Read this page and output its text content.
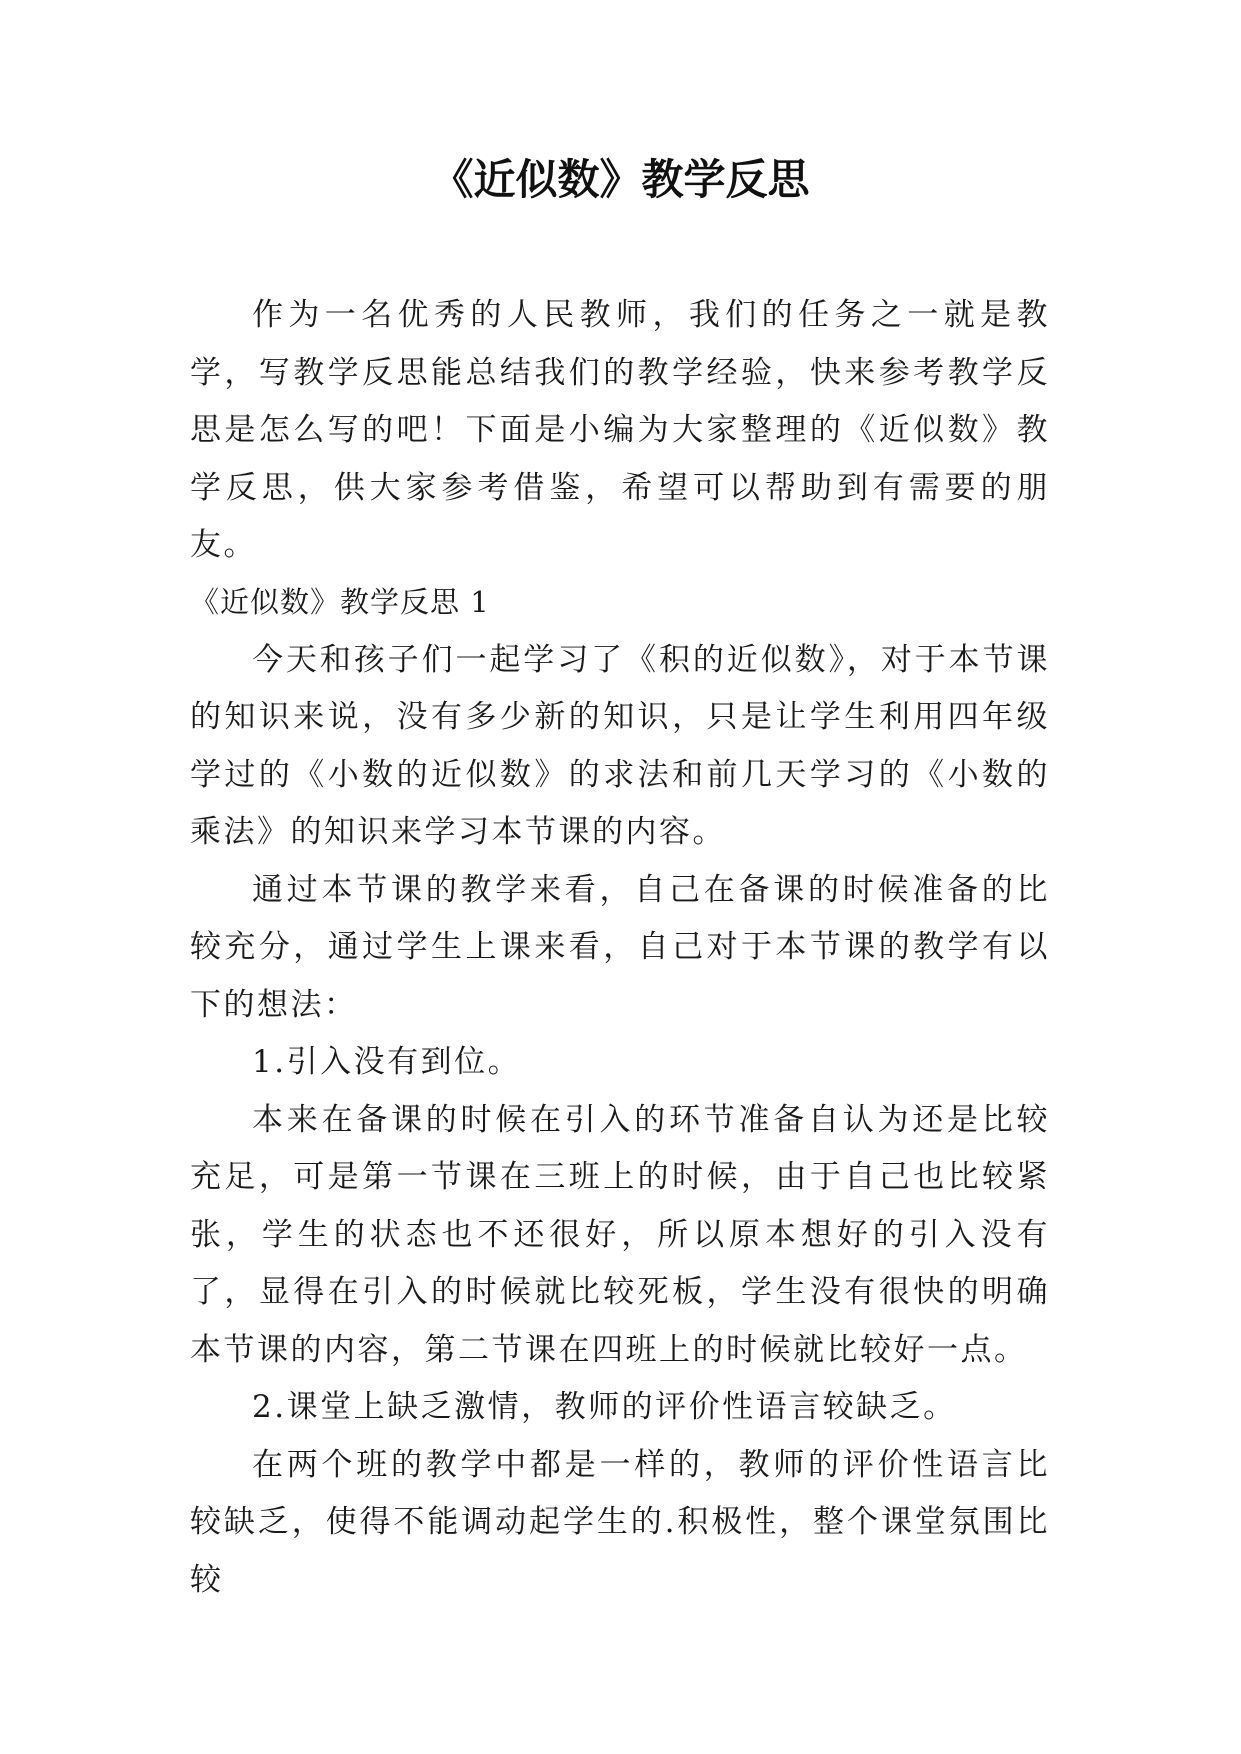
《近似数》教学反思

作为一名优秀的人民教师，我们的任务之一就是教学，写教学反思能总结我们的教学经验，快来参考教学反思是怎么写的吧！下面是小编为大家整理的《近似数》教学反思，供大家参考借鉴，希望可以帮助到有需要的朋友。

《近似数》教学反思 1

今天和孩子们一起学习了《积的近似数》，对于本节课的知识来说，没有多少新的知识，只是让学生利用四年级学过的《小数的近似数》的求法和前几天学习的《小数的乘法》的知识来学习本节课的内容。

通过本节课的教学来看，自己在备课的时候准备的比较充分，通过学生上课来看，自己对于本节课的教学有以下的想法：

1.引入没有到位。

本来在备课的时候在引入的环节准备自认为还是比较充足，可是第一节课在三班上的时候，由于自己也比较紧张，学生的状态也不还很好，所以原本想好的引入没有了，显得在引入的时候就比较死板，学生没有很快的明确本节课的内容，第二节课在四班上的时候就比较好一点。

2.课堂上缺乏激情，教师的评价性语言较缺乏。

在两个班的教学中都是一样的，教师的评价性语言比较缺乏，使得不能调动起学生的.积极性，整个课堂氛围比较
